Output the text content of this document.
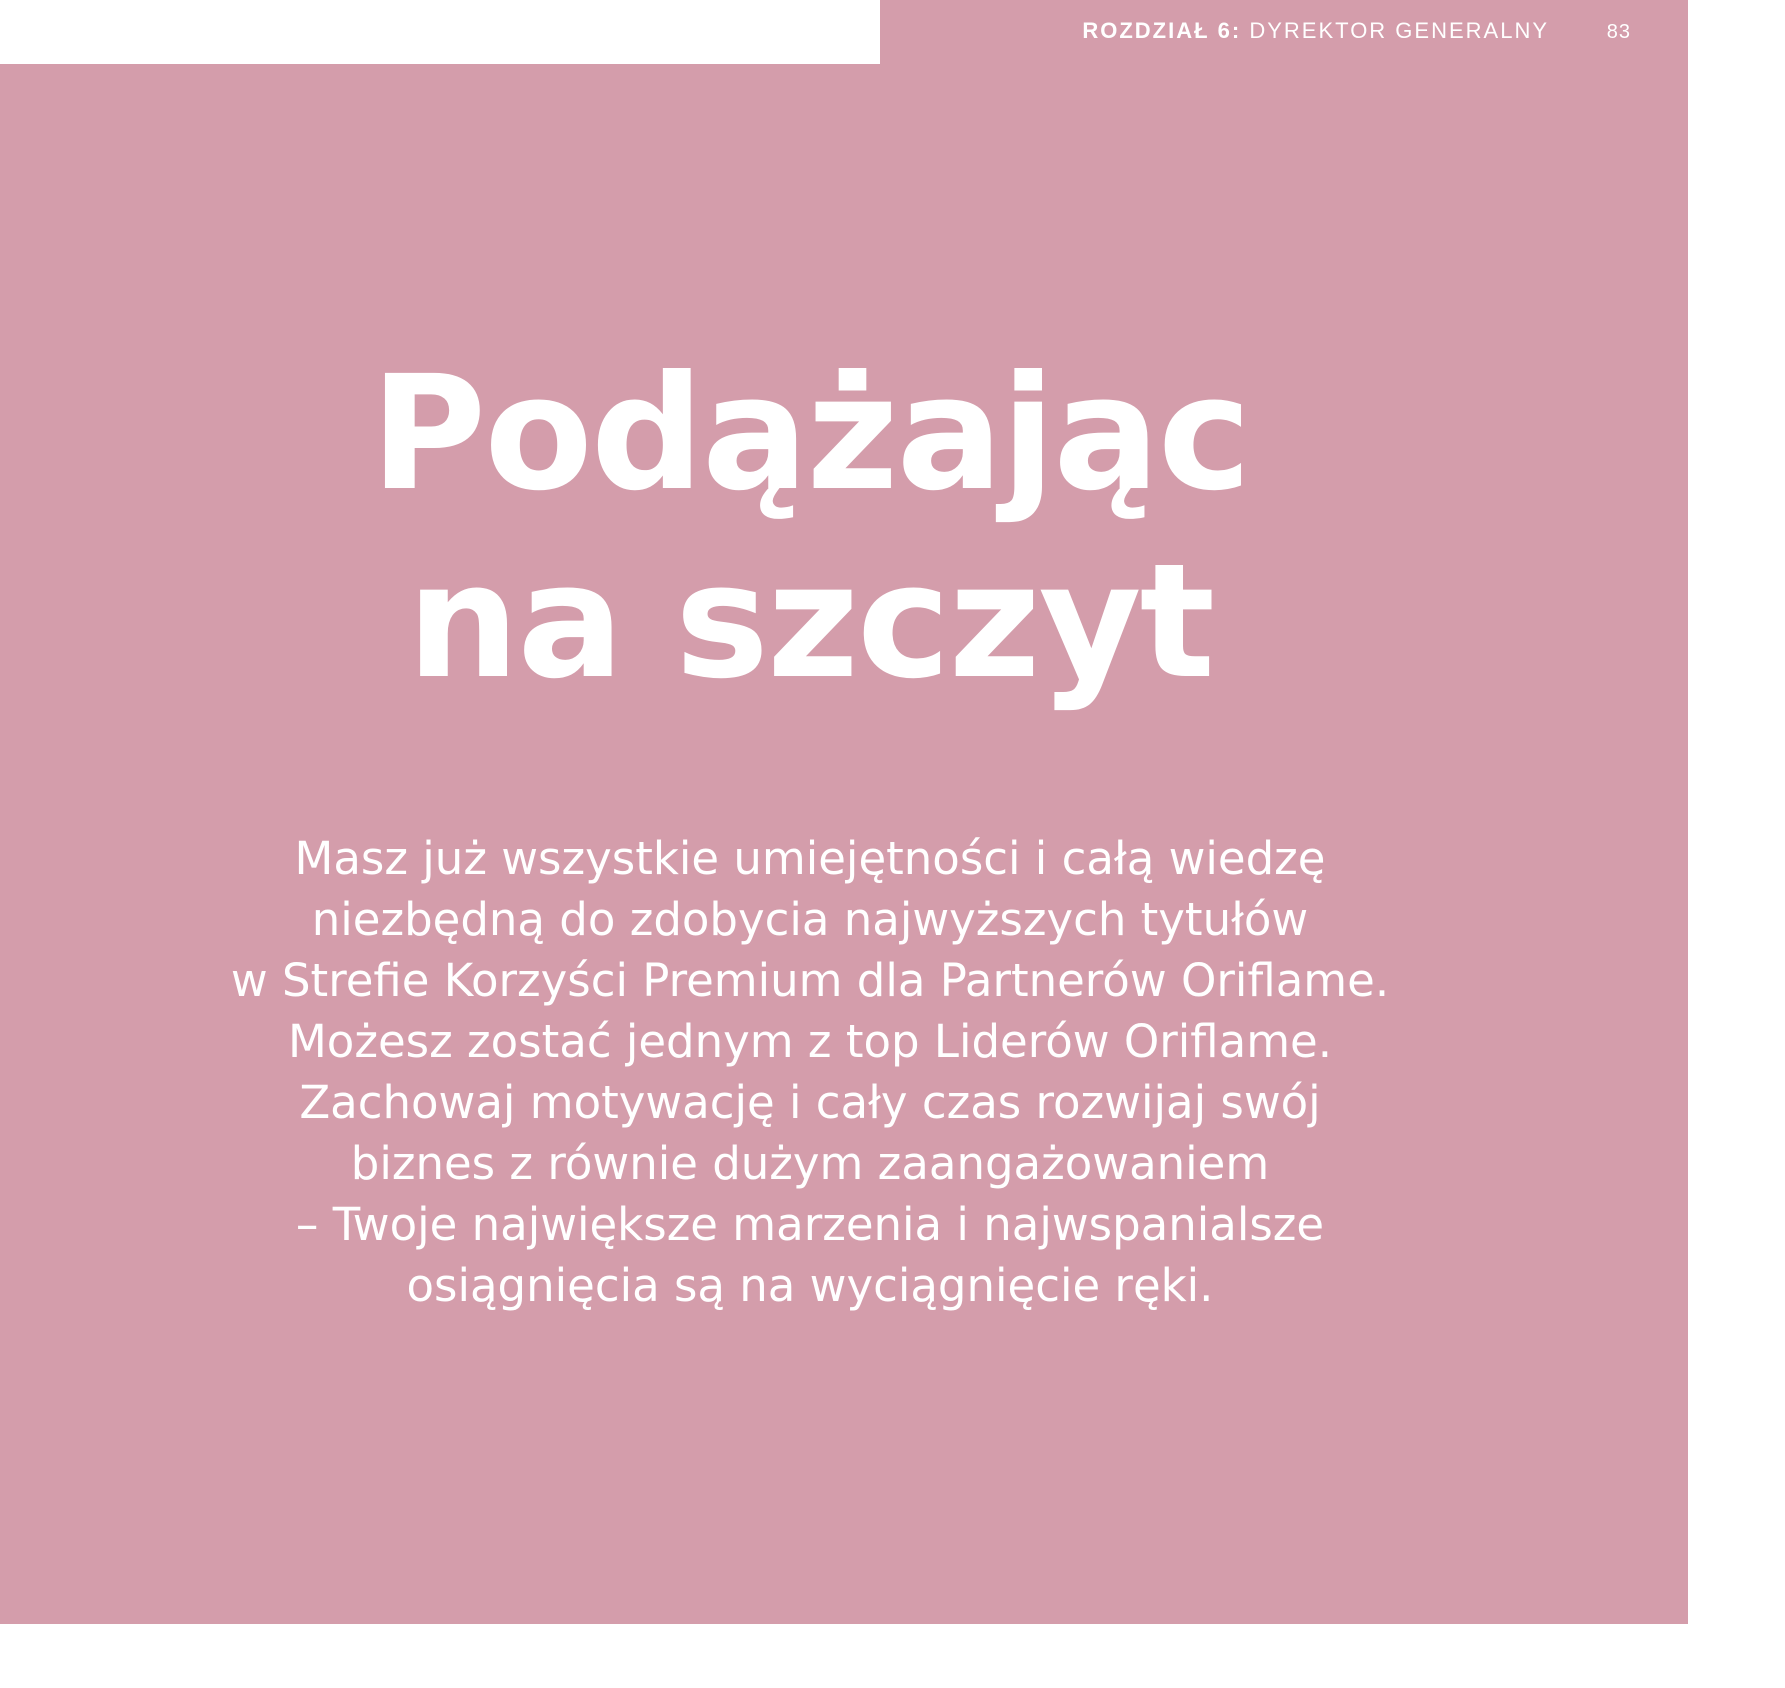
ROZDZIAŁ 6: DYREKTOR GENERALNY	83
Podążając
na szczyt
Masz już wszystkie umiejętności i całą wiedzę
niezbędną do zdobycia najwyższych tytułów
w Strefie Korzyści Premium dla Partnerów Oriflame.
Możesz zostać jednym z top Liderów Oriflame.
Zachowaj motywację i cały czas rozwijaj swój
biznes z równie dużym zaangażowaniem
– Twoje największe marzenia i najwspanialsze
osiągnięcia są na wyciągnięcie ręki.
